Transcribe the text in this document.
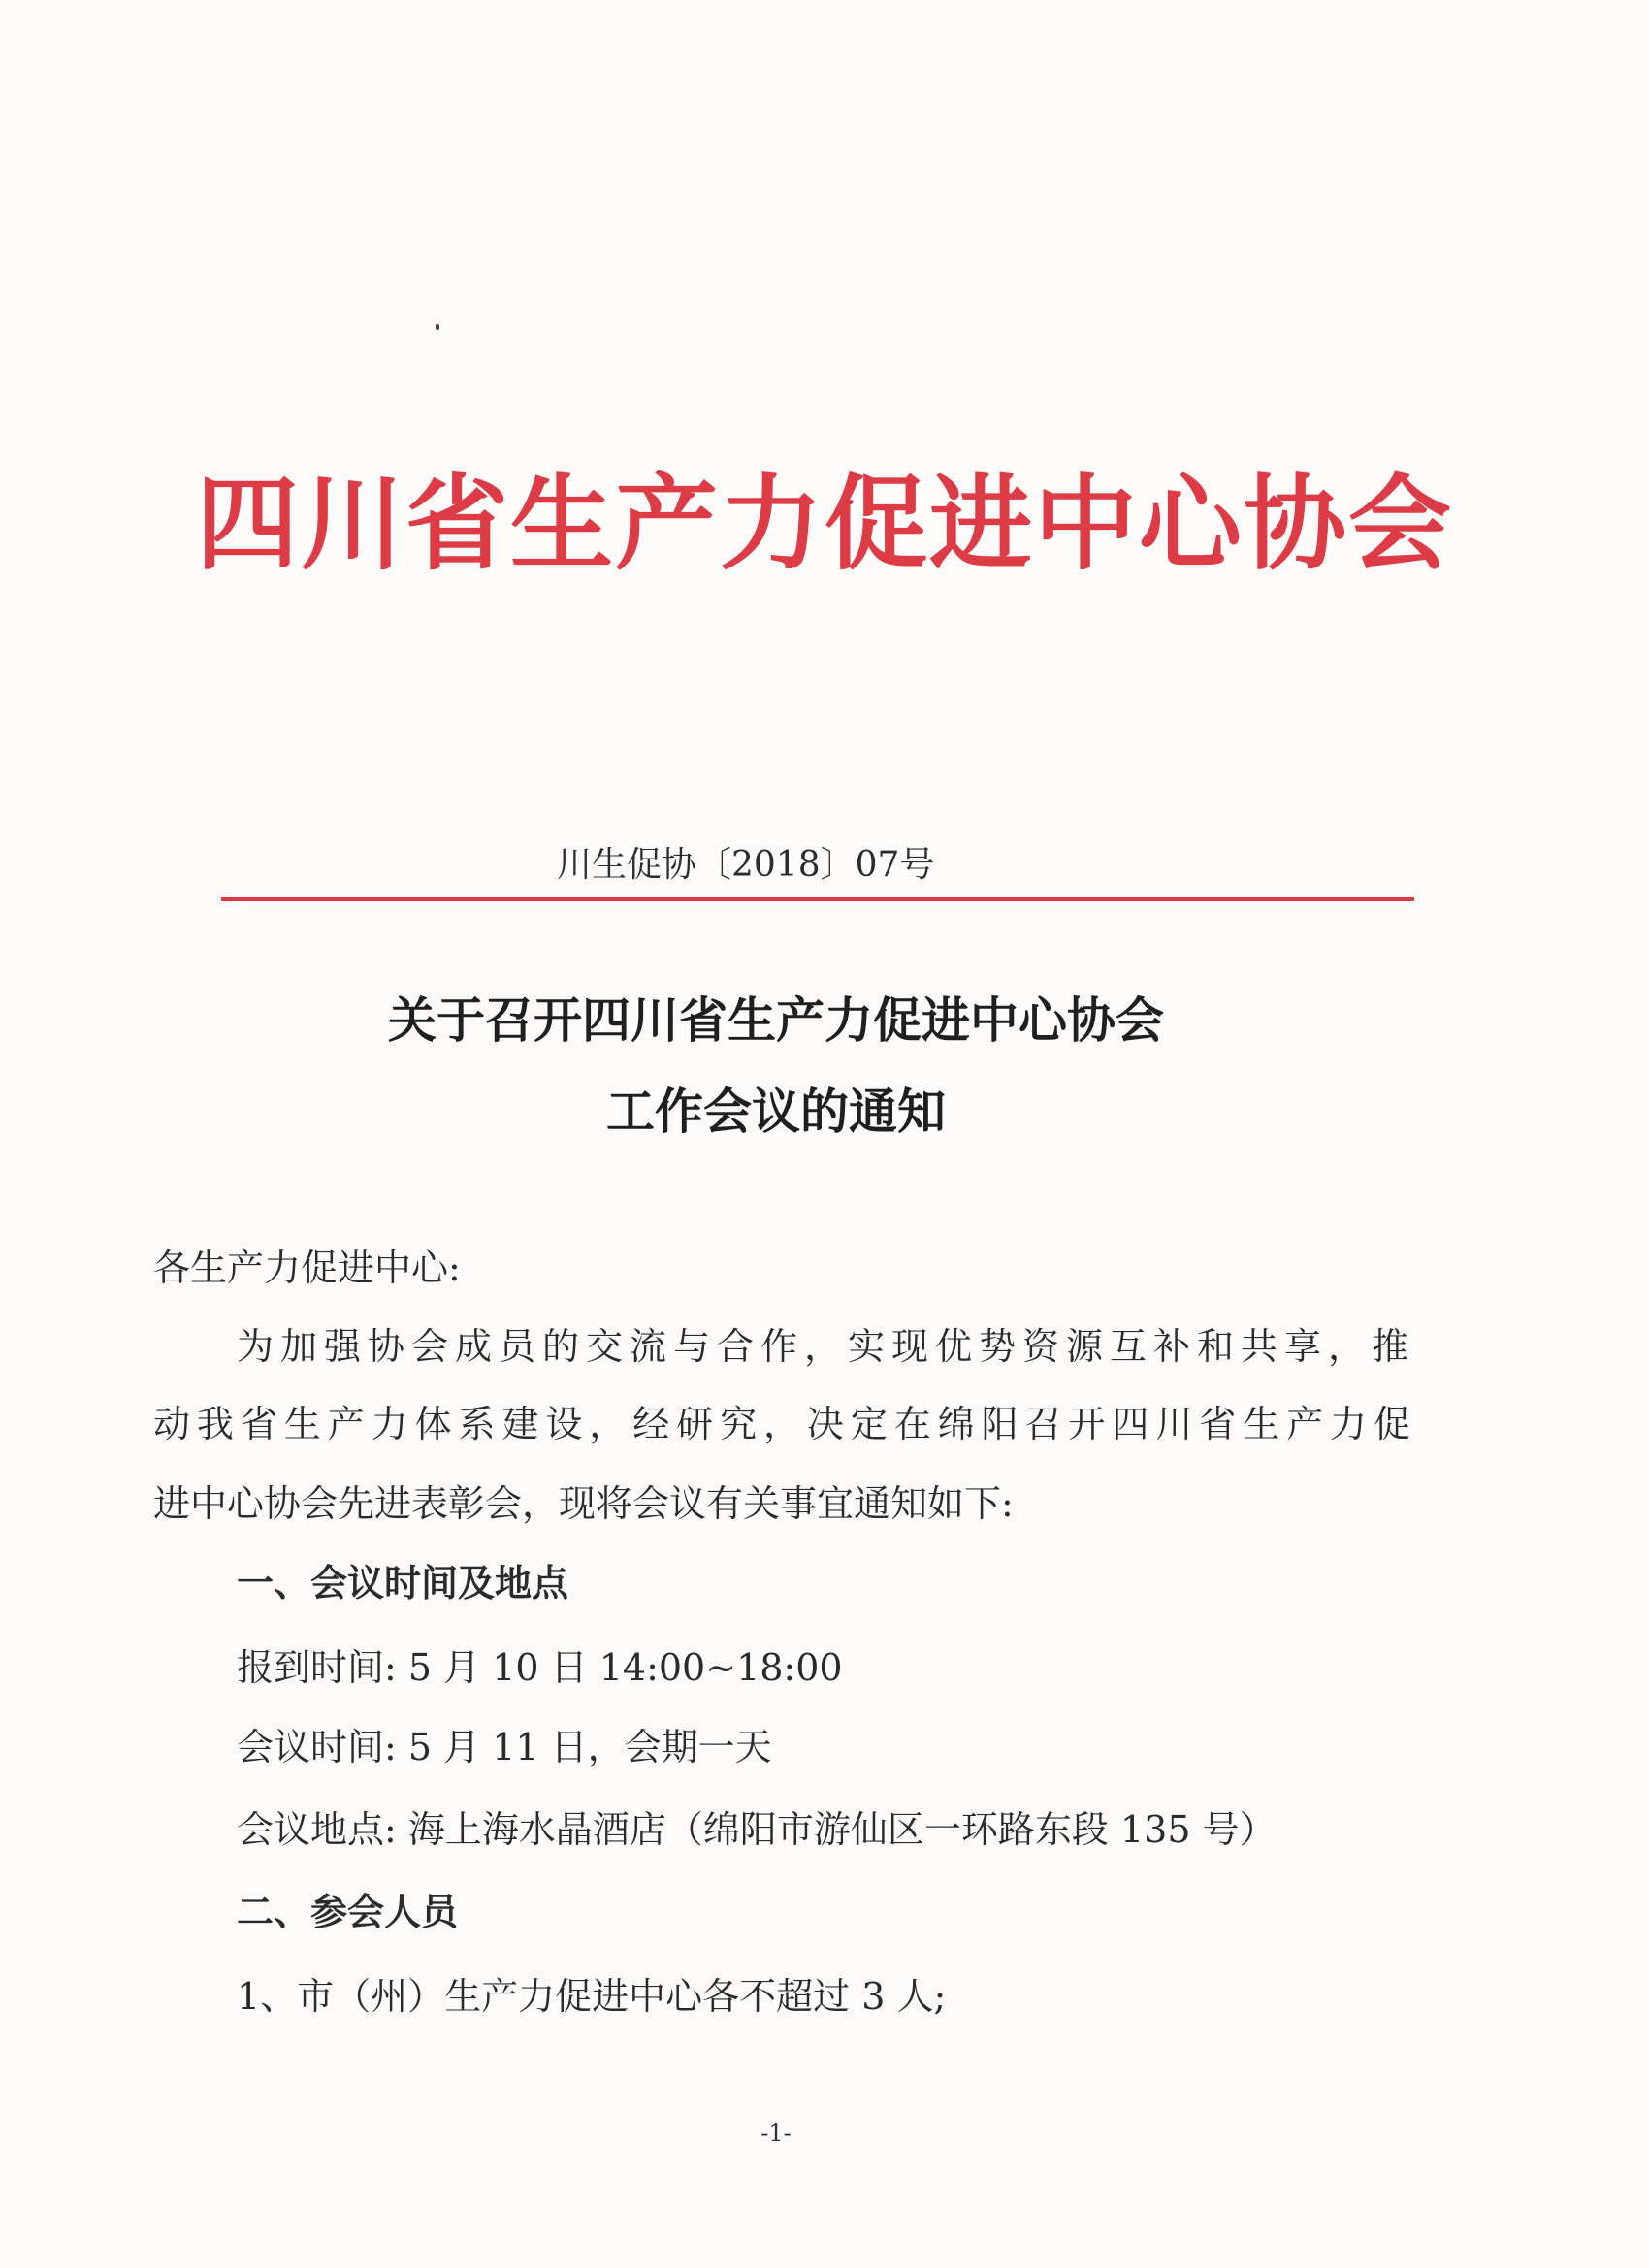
四川省生产力促进中心协会
川生促协〔2018〕07号
关于召开四川省生产力促进中心协会
工作会议的通知
各生产力促进中心:
为加强协会成员的交流与合作，实现优势资源互补和共享，推
动我省生产力体系建设，经研究，决定在绵阳召开四川省生产力促
进中心协会先进表彰会，现将会议有关事宜通知如下:
一、会议时间及地点
报到时间: 5 月 10 日 14:00~18:00
会议时间: 5 月 11 日，会期一天
会议地点: 海上海水晶酒店（绵阳市游仙区一环路东段 135 号）
二、参会人员
1、市（州）生产力促进中心各不超过 3 人;
-1-
